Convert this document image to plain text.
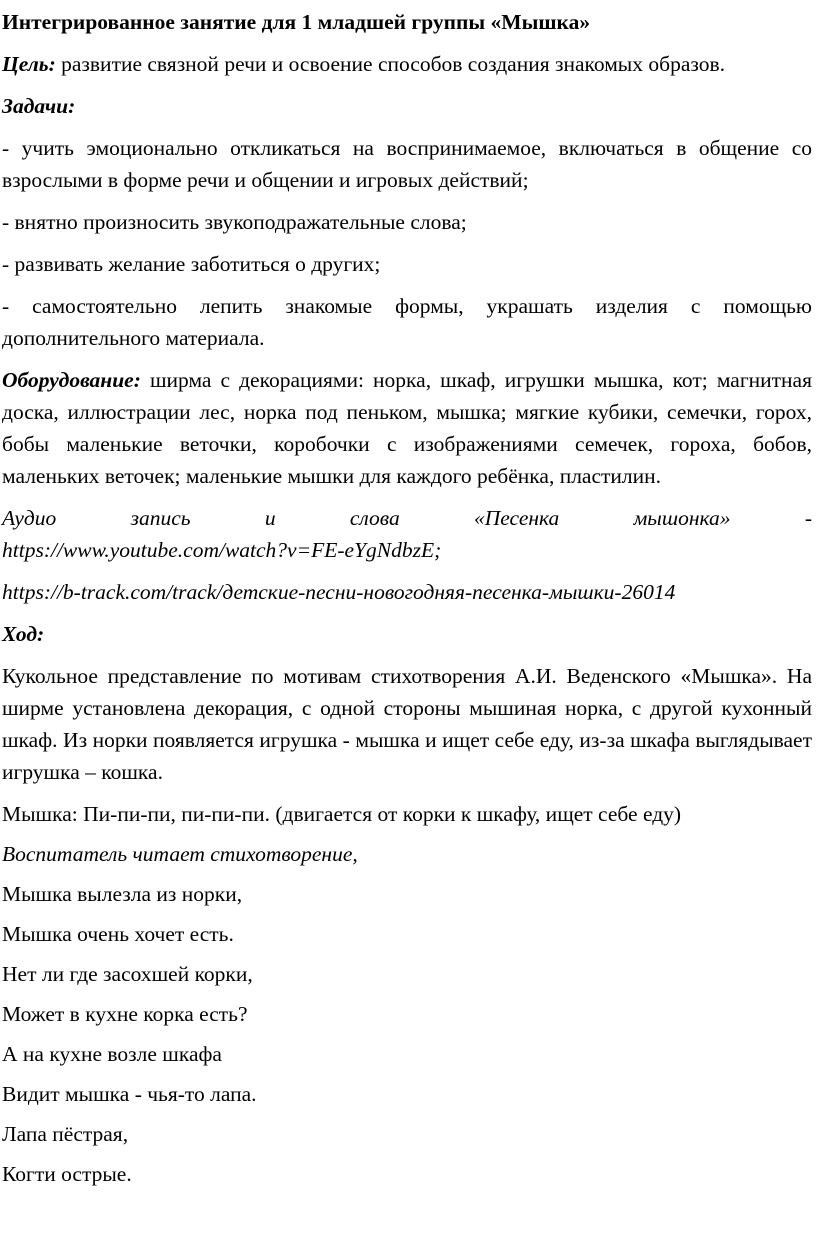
Интегрированное занятие для 1 младшей группы «Мышка»

Цель: развитие связной речи и освоение способов создания знакомых образов.

Задачи:

- учить эмоционально откликаться на воспринимаемое, включаться в общение со взрослыми в форме речи и общении и игровых действий;

- внятно произносить звукоподражательные слова;

- развивать желание заботиться о других;

- самостоятельно лепить знакомые формы, украшать изделия с помощью дополнительного материала.

Оборудование: ширма с декорациями: норка, шкаф, игрушки мышка, кот; магнитная доска, иллюстрации лес, норка под пеньком, мышка; мягкие кубики, семечки, горох, бобы маленькие веточки, коробочки с изображениями семечек, гороха, бобов, маленьких веточек; маленькие мышки для каждого ребёнка, пластилин.

Аудио запись и слова «Песенка мышонка» -

https://www.youtube.com/watch?v=FE-eYgNdbzE;

https://b-track.com/track/детские-песни-новогодняя-песенка-мышки-26014

Ход:

Кукольное представление по мотивам стихотворения А.И. Веденского «Мышка». На ширме установлена декорация, с одной стороны мышиная норка, с другой кухонный шкаф. Из норки появляется игрушка - мышка и ищет себе еду, из-за шкафа выглядывает игрушка – кошка.

Мышка: Пи-пи-пи, пи-пи-пи. (двигается от корки к шкафу, ищет себе еду)

Воспитатель читает стихотворение,

Мышка вылезла из норки,

Мышка очень хочет есть.

Нет ли где засохшей корки,

Может в кухне корка есть?

А на кухне возле шкафа

Видит мышка - чья-то лапа.

Лапа пёстрая,

Когти острые.
